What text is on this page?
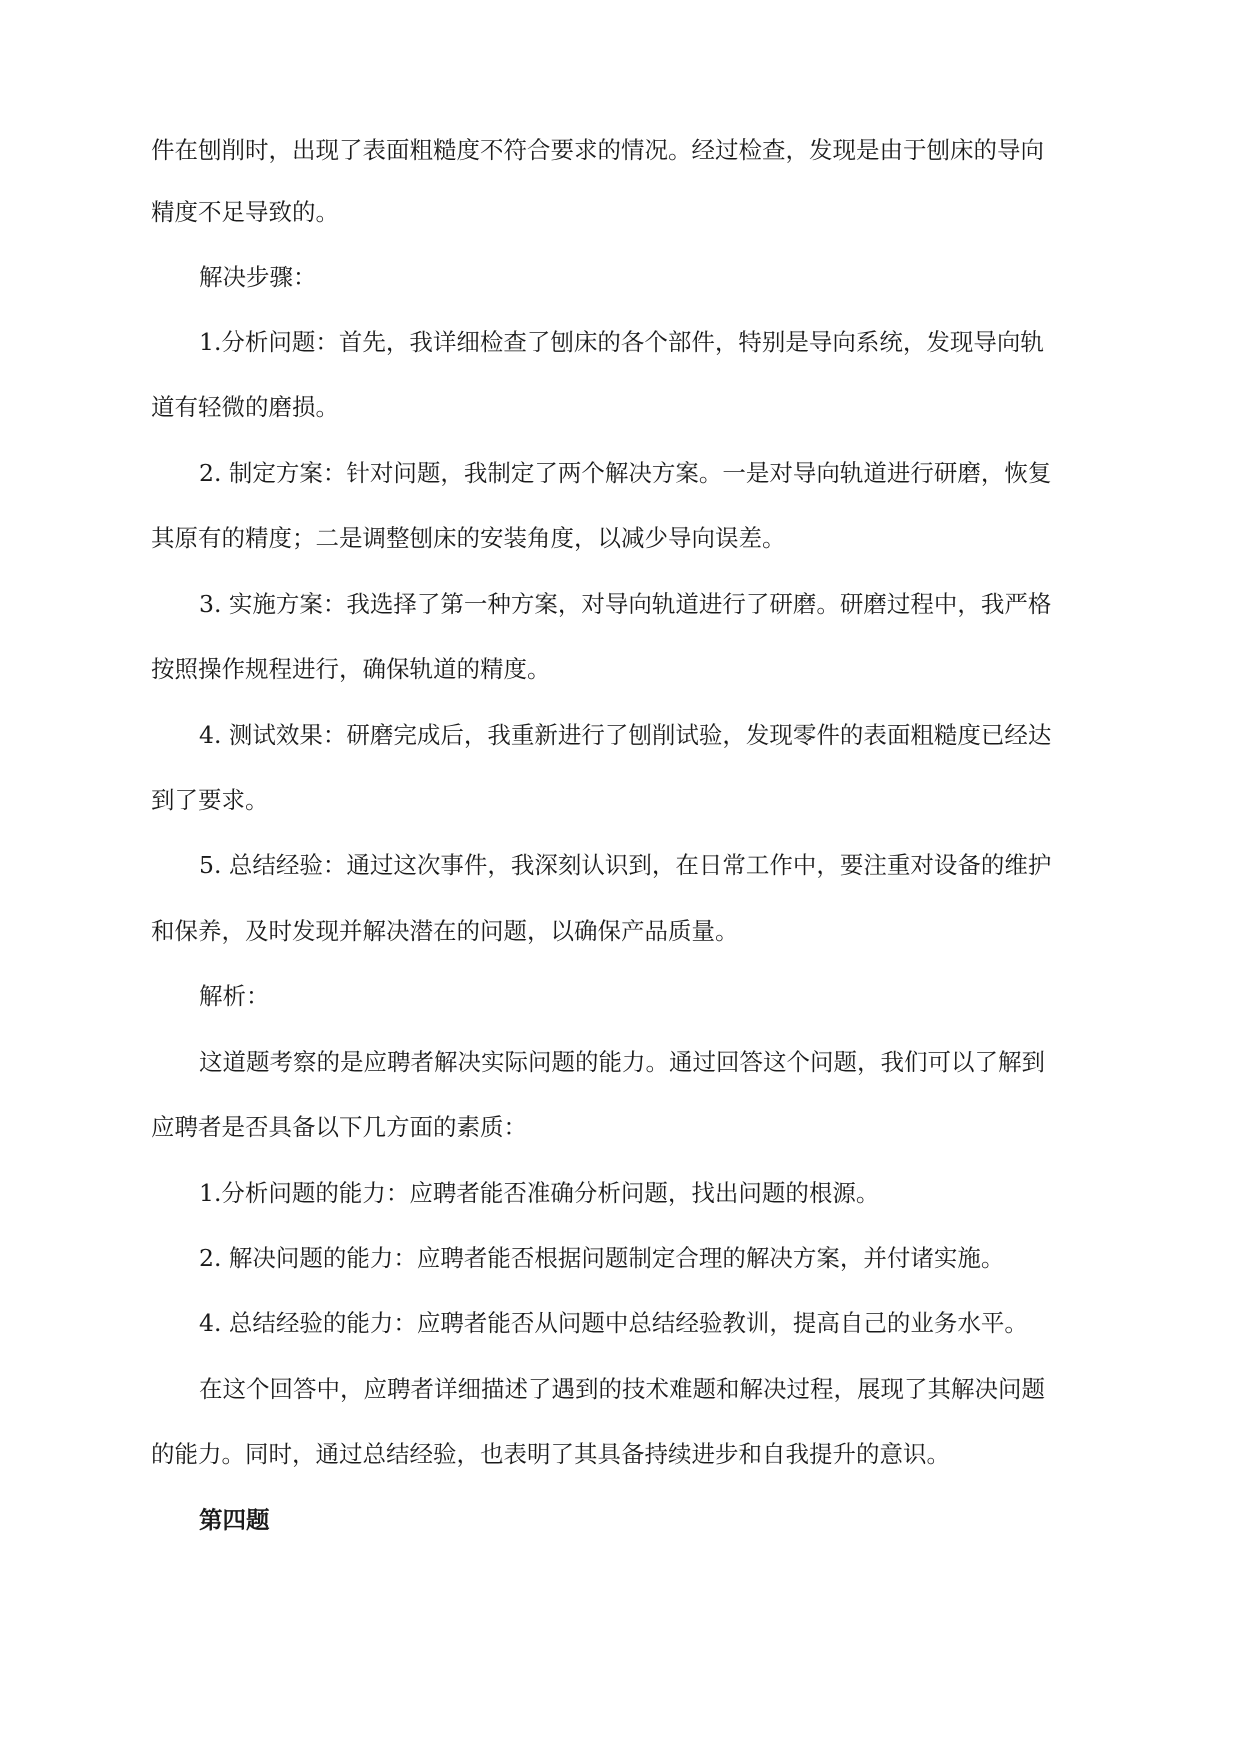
件在刨削时，出现了表面粗糙度不符合要求的情况。经过检查，发现是由于刨床的导向
精度不足导致的。
解决步骤：
1.分析问题：首先，我详细检查了刨床的各个部件，特别是导向系统，发现导向轨
道有轻微的磨损。
2. 制定方案：针对问题，我制定了两个解决方案。一是对导向轨道进行研磨，恢复
其原有的精度；二是调整刨床的安装角度，以减少导向误差。
3. 实施方案：我选择了第一种方案，对导向轨道进行了研磨。研磨过程中，我严格
按照操作规程进行，确保轨道的精度。
4. 测试效果：研磨完成后，我重新进行了刨削试验，发现零件的表面粗糙度已经达
到了要求。
5. 总结经验：通过这次事件，我深刻认识到，在日常工作中，要注重对设备的维护
和保养，及时发现并解决潜在的问题，以确保产品质量。
解析：
这道题考察的是应聘者解决实际问题的能力。通过回答这个问题，我们可以了解到
应聘者是否具备以下几方面的素质：
1.分析问题的能力：应聘者能否准确分析问题，找出问题的根源。
2. 解决问题的能力：应聘者能否根据问题制定合理的解决方案，并付诸实施。
4. 总结经验的能力：应聘者能否从问题中总结经验教训，提高自己的业务水平。
在这个回答中，应聘者详细描述了遇到的技术难题和解决过程，展现了其解决问题
的能力。同时，通过总结经验，也表明了其具备持续进步和自我提升的意识。
第四题
